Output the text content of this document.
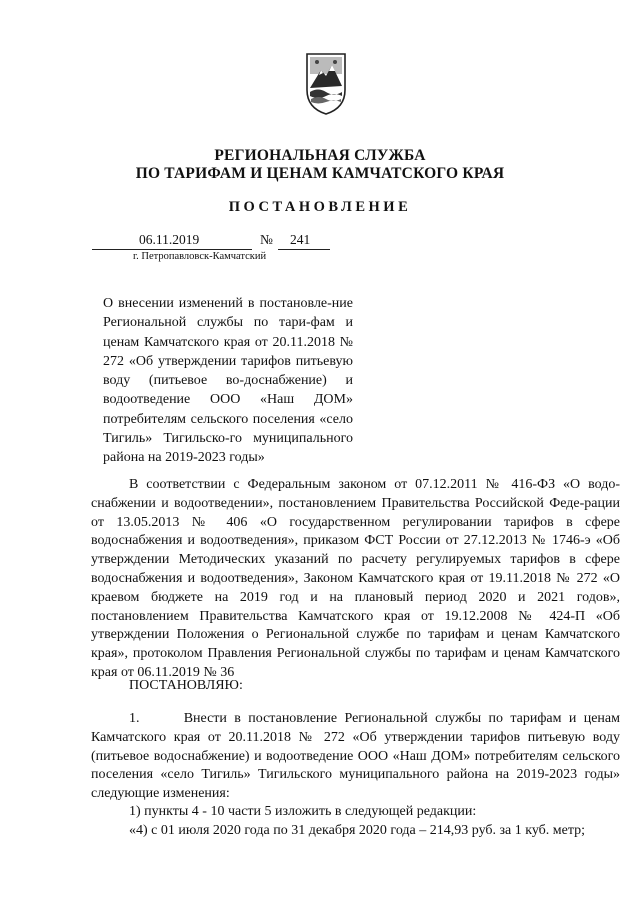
РЕГИОНАЛЬНАЯ СЛУЖБА
ПО ТАРИФАМ И ЦЕНАМ КАМЧАТСКОГО КРАЯ
ПОСТАНОВЛЕНИЕ
06.11.2019	№ 241
г. Петропавловск-Камчатский
О внесении изменений в постановле-ние Региональной службы по тари-фам и ценам Камчатского края от 20.11.2018 № 272 «Об утверждении тарифов питьевую воду (питьевое во-доснабжение) и водоотведение ООО «Наш ДОМ» потребителям сельского поселения «село Тигиль» Тигильско-го муниципального района на 2019-2023 годы»
В соответствии с Федеральным законом от 07.12.2011 № 416-ФЗ «О водо-снабжении и водоотведении», постановлением Правительства Российской Феде-рации от 13.05.2013 № 406 «О государственном регулировании тарифов в сфере водоснабжения и водоотведения», приказом ФСТ России от 27.12.2013 № 1746-э «Об утверждении Методических указаний по расчету регулируемых тарифов в сфере водоснабжения и водоотведения», Законом Камчатского края от 19.11.2018 № 272 «О краевом бюджете на 2019 год и на плановый период 2020 и 2021 годов», постановлением Правительства Камчатского края от 19.12.2008 № 424-П «Об утверждении Положения о Региональной службе по тарифам и ценам Камчатского края», протоколом Правления Региональной службы по тарифам и ценам Камчатского края от 06.11.2019 № 36
ПОСТАНОВЛЯЮ:
1.      Внести в постановление Региональной службы по тарифам и ценам Камчатского края от 20.11.2018 № 272 «Об утверждении тарифов питьевую воду (питьевое водоснабжение) и водоотведение ООО «Наш ДОМ» потребителям сельского поселения «село Тигиль» Тигильского муниципального района на 2019-2023 годы» следующие изменения:
1) пункты 4 - 10 части 5 изложить в следующей редакции:
«4) с 01 июля 2020 года по 31 декабря 2020 года – 214,93 руб. за 1 куб. метр;
